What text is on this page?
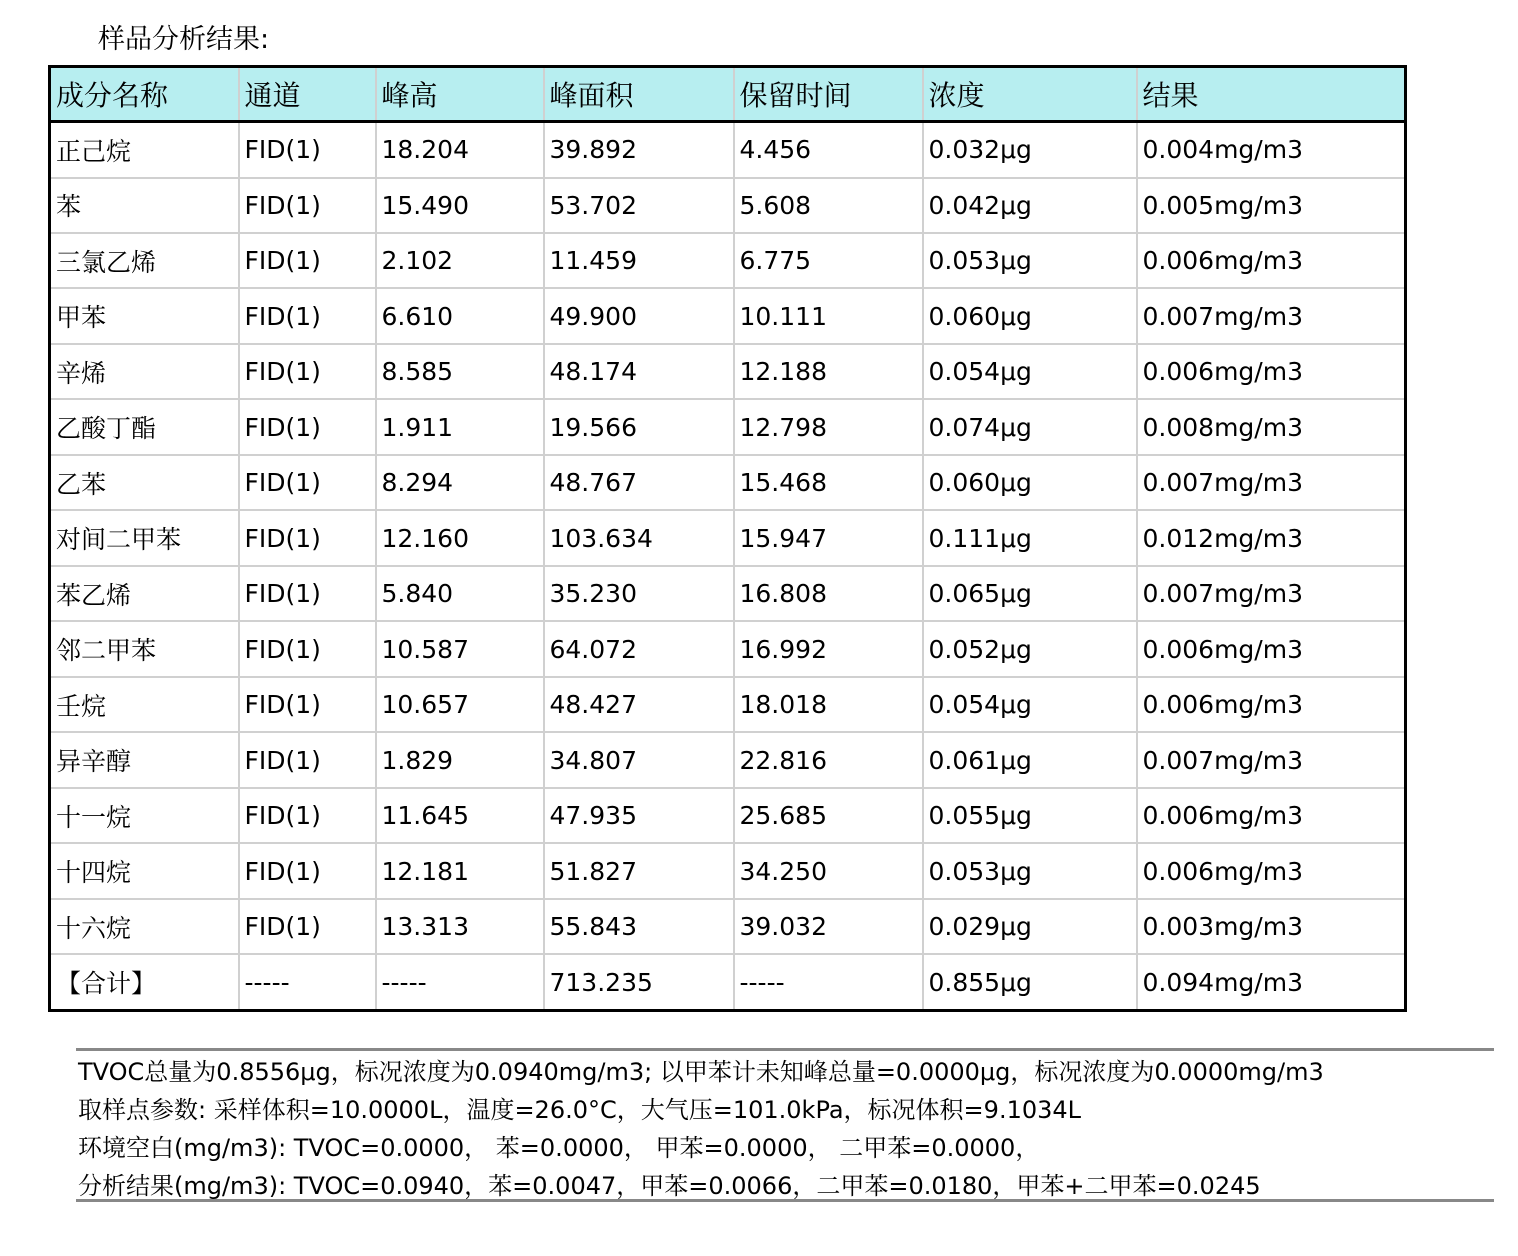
样品分析结果:
成分名称	通道	峰高	峰面积	保留时间	浓度	结果
正己烷	FID(1)	18.204	39.892	4.456	0.032μg	0.004mg/m3
苯	FID(1)	15.490	53.702	5.608	0.042μg	0.005mg/m3
三氯乙烯	FID(1)	2.102	11.459	6.775	0.053μg	0.006mg/m3
甲苯	FID(1)	6.610	49.900	10.111	0.060μg	0.007mg/m3
辛烯	FID(1)	8.585	48.174	12.188	0.054μg	0.006mg/m3
乙酸丁酯	FID(1)	1.911	19.566	12.798	0.074μg	0.008mg/m3
乙苯	FID(1)	8.294	48.767	15.468	0.060μg	0.007mg/m3
对间二甲苯	FID(1)	12.160	103.634	15.947	0.111μg	0.012mg/m3
苯乙烯	FID(1)	5.840	35.230	16.808	0.065μg	0.007mg/m3
邻二甲苯	FID(1)	10.587	64.072	16.992	0.052μg	0.006mg/m3
壬烷	FID(1)	10.657	48.427	18.018	0.054μg	0.006mg/m3
异辛醇	FID(1)	1.829	34.807	22.816	0.061μg	0.007mg/m3
十一烷	FID(1)	11.645	47.935	25.685	0.055μg	0.006mg/m3
十四烷	FID(1)	12.181	51.827	34.250	0.053μg	0.006mg/m3
十六烷	FID(1)	13.313	55.843	39.032	0.029μg	0.003mg/m3
【合计】	-----	-----	713.235	-----	0.855μg	0.094mg/m3
TVOC总量为0.8556μg，标况浓度为0.0940mg/m3; 以甲苯计未知峰总量=0.0000μg，标况浓度为0.0000mg/m3
取样点参数: 采样体积=10.0000L，温度=26.0°C，大气压=101.0kPa，标况体积=9.1034L
环境空白(mg/m3): TVOC=0.0000， 苯=0.0000， 甲苯=0.0000， 二甲苯=0.0000，
分析结果(mg/m3): TVOC=0.0940，苯=0.0047，甲苯=0.0066，二甲苯=0.0180，甲苯+二甲苯=0.0245
